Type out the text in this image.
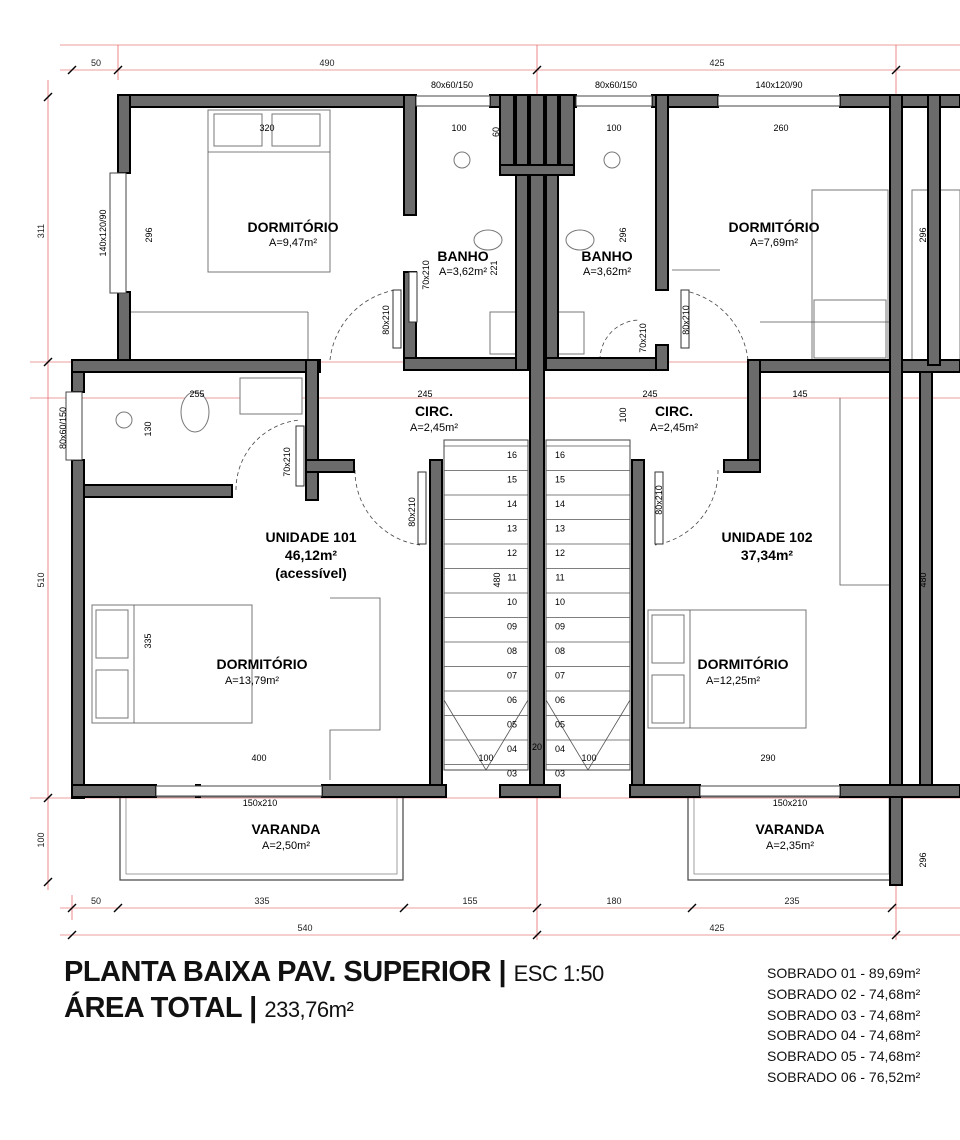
50	490	425
50	335	155	180	235
540	425
311
510
100
DORMITÓRIO
A=9,47m²
BANHO
A=3,62m²
BANHO
A=3,62m²
DORMITÓRIO
A=7,69m²
CIRC.
A=2,45m²
CIRC.
A=2,45m²
DORMITÓRIO
A=13,79m²
DORMITÓRIO
A=12,25m²
VARANDA
A=2,50m²
VARANDA
A=2,35m²
UNIDADE 101
46,12m²
(acessível)
UNIDADE 102
37,34m²
80x60/150	80x60/150	140x120/90
140x120/90
80x60/150
150x210	150x210
80x210	80x210
80x210	80x210
70x210
70x210
70x210
320	100	100	260
296	296	296
296
255
130
245	245
100
145
335
480	480
400	100	100	290
221
60
20
16	16
15	15
14	14
13	13
12	12
11	11
10	10
09	09
08	08
07	07
06	06
05	05
04	04
03	03
PLANTA BAIXA PAV. SUPERIOR | ESC 1:50
ÁREA TOTAL | 233,76m²
SOBRADO 01 - 89,69m²
SOBRADO 02 - 74,68m²
SOBRADO 03 - 74,68m²
SOBRADO 04 - 74,68m²
SOBRADO 05 - 74,68m²
SOBRADO 06 - 76,52m²
